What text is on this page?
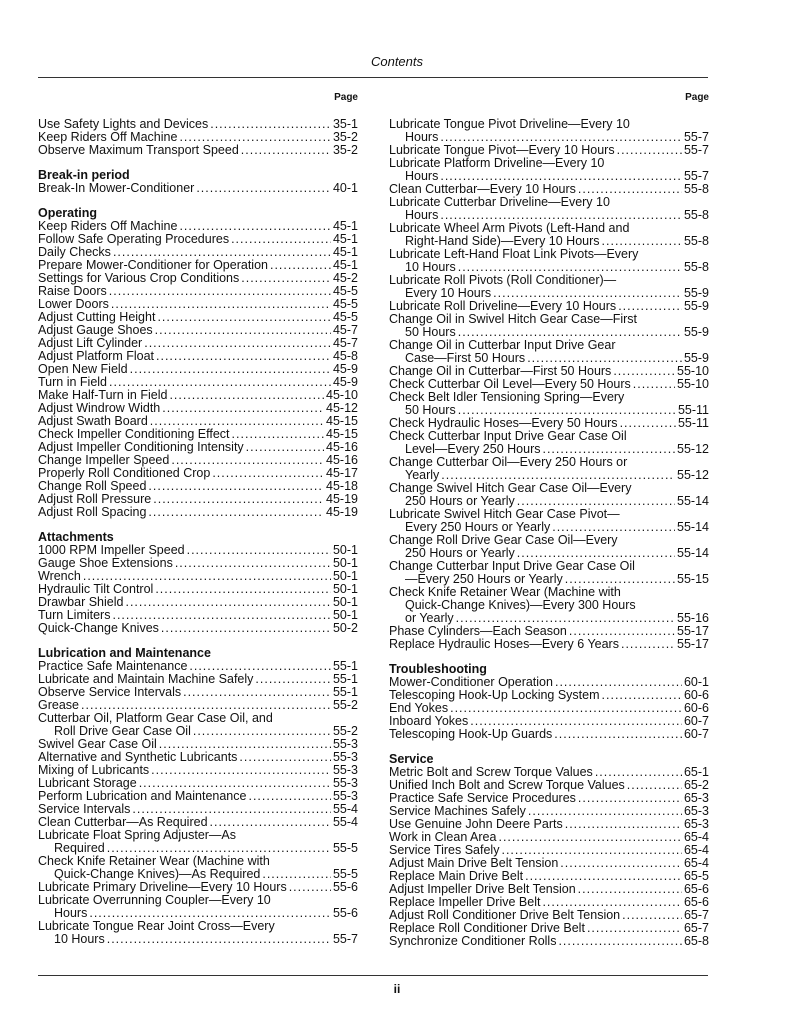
Contents
Page
Use Safety Lights and Devices .....	35-1
Keep Riders Off Machine .....	35-2
Observe Maximum Transport Speed .....	35-2
Break-in period
Break-In Mower-Conditioner .....	40-1
Operating
Keep Riders Off Machine .....	45-1
Follow Safe Operating Procedures .....	45-1
Daily Checks .....	45-1
Prepare Mower-Conditioner for Operation .....	45-1
Settings for Various Crop Conditions .....	45-2
Raise Doors .....	45-5
Lower Doors .....	45-5
Adjust Cutting Height .....	45-5
Adjust Gauge Shoes .....	45-7
Adjust Lift Cylinder .....	45-7
Adjust Platform Float .....	45-8
Open New Field .....	45-9
Turn in Field .....	45-9
Make Half-Turn in Field .....	45-10
Adjust Windrow Width .....	45-12
Adjust Swath Board .....	45-15
Check Impeller Conditioning Effect .....	45-15
Adjust Impeller Conditioning Intensity .....	45-16
Change Impeller Speed .....	45-16
Properly Roll Conditioned Crop .....	45-17
Change Roll Speed .....	45-18
Adjust Roll Pressure .....	45-19
Adjust Roll Spacing .....	45-19
Attachments
1000 RPM Impeller Speed .....	50-1
Gauge Shoe Extensions .....	50-1
Wrench .....	50-1
Hydraulic Tilt Control .....	50-1
Drawbar Shield .....	50-1
Turn Limiters .....	50-1
Quick-Change Knives .....	50-2
Lubrication and Maintenance
Practice Safe Maintenance .....	55-1
Lubricate and Maintain Machine Safely .....	55-1
Observe Service Intervals .....	55-1
Grease .....	55-2
Cutterbar Oil, Platform Gear Case Oil, and
Roll Drive Gear Case Oil .....	55-2
Swivel Gear Case Oil .....	55-3
Alternative and Synthetic Lubricants .....	55-3
Mixing of Lubricants .....	55-3
Lubricant Storage .....	55-3
Perform Lubrication and Maintenance .....	55-3
Service Intervals .....	55-4
Clean Cutterbar—As Required .....	55-4
Lubricate Float Spring Adjuster—As
Required .....	55-5
Check Knife Retainer Wear (Machine with
Quick-Change Knives)—As Required .....	55-5
Lubricate Primary Driveline—Every 10 Hours .....	55-6
Lubricate Overrunning Coupler—Every 10
Hours .....	55-6
Lubricate Tongue Rear Joint Cross—Every
10 Hours .....	55-7
Page
Lubricate Tongue Pivot Driveline—Every 10
Hours .....	55-7
Lubricate Tongue Pivot—Every 10 Hours .....	55-7
Lubricate Platform Driveline—Every 10
Hours .....	55-7
Clean Cutterbar—Every 10 Hours .....	55-8
Lubricate Cutterbar Driveline—Every 10
Hours .....	55-8
Lubricate Wheel Arm Pivots (Left-Hand and
Right-Hand Side)—Every 10 Hours .....	55-8
Lubricate Left-Hand Float Link Pivots—Every
10 Hours .....	55-8
Lubricate Roll Pivots (Roll Conditioner)—
Every 10 Hours .....	55-9
Lubricate Roll Driveline—Every 10 Hours .....	55-9
Change Oil in Swivel Hitch Gear Case—First
50 Hours .....	55-9
Change Oil in Cutterbar Input Drive Gear
Case—First 50 Hours .....	55-9
Change Oil in Cutterbar—First 50 Hours .....	55-10
Check Cutterbar Oil Level—Every 50 Hours .....	55-10
Check Belt Idler Tensioning Spring—Every
50 Hours .....	55-11
Check Hydraulic Hoses—Every 50 Hours .....	55-11
Check Cutterbar Input Drive Gear Case Oil
Level—Every 250 Hours .....	55-12
Change Cutterbar Oil—Every 250 Hours or
Yearly .....	55-12
Change Swivel Hitch Gear Case Oil—Every
250 Hours or Yearly .....	55-14
Lubricate Swivel Hitch Gear Case Pivot—
Every 250 Hours or Yearly .....	55-14
Change Roll Drive Gear Case Oil—Every
250 Hours or Yearly .....	55-14
Change Cutterbar Input Drive Gear Case Oil
—Every 250 Hours or Yearly .....	55-15
Check Knife Retainer Wear (Machine with
Quick-Change Knives)—Every 300 Hours
or Yearly .....	55-16
Phase Cylinders—Each Season .....	55-17
Replace Hydraulic Hoses—Every 6 Years .....	55-17
Troubleshooting
Mower-Conditioner Operation .....	60-1
Telescoping Hook-Up Locking System .....	60-6
End Yokes .....	60-6
Inboard Yokes .....	60-7
Telescoping Hook-Up Guards .....	60-7
Service
Metric Bolt and Screw Torque Values .....	65-1
Unified Inch Bolt and Screw Torque Values .....	65-2
Practice Safe Service Procedures .....	65-3
Service Machines Safely .....	65-3
Use Genuine John Deere Parts .....	65-3
Work in Clean Area .....	65-4
Service Tires Safely .....	65-4
Adjust Main Drive Belt Tension .....	65-4
Replace Main Drive Belt .....	65-5
Adjust Impeller Drive Belt Tension .....	65-6
Replace Impeller Drive Belt .....	65-6
Adjust Roll Conditioner Drive Belt Tension .....	65-7
Replace Roll Conditioner Drive Belt .....	65-7
Synchronize Conditioner Rolls .....	65-8
ii
